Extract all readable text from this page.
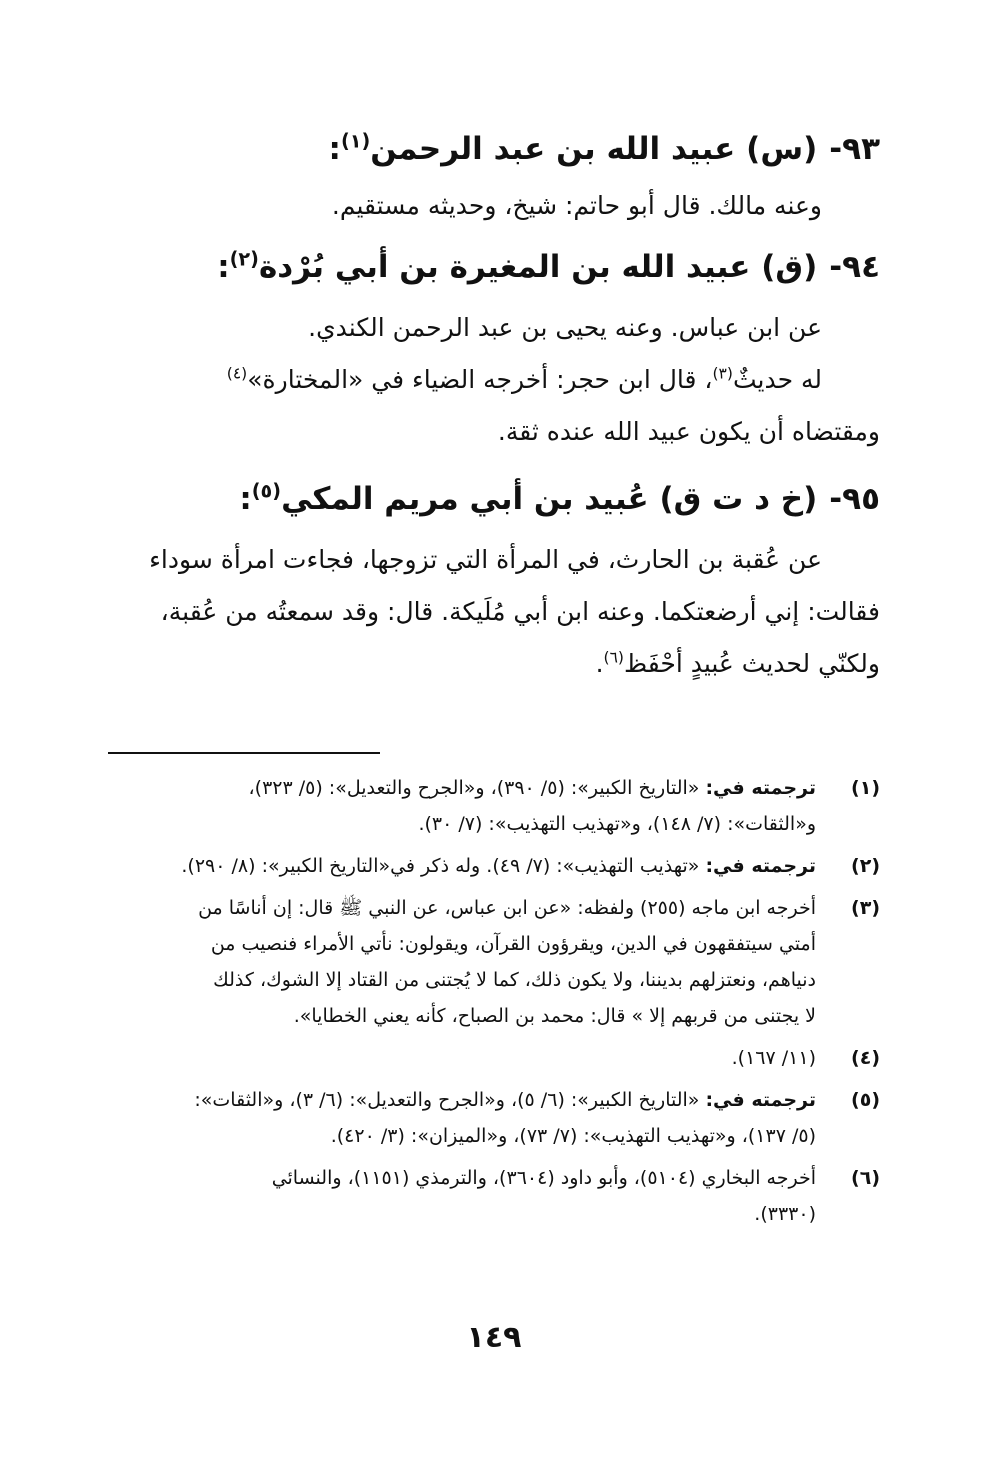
٩٣-(س) عبيد الله بن عبد الرحمن$^{(١)}$:

وعنه مالك. قال أبو حاتم: شيخ، وحديثه مستقيم.

٩٤-(ق) عبيد الله بن المغيرة بن أبي بُرْدة$^{(٢)}$:

عن ابن عباس. وعنه يحيى بن عبد الرحمن الكندي.

له حديثٌ$^{(٣)}$، قال ابن حجر: أخرجه الضياء في «المختارة»$^{(٤)}$

ومقتضاه أن يكون عبيد الله عنده ثقة.

٩٥-(خ د ت ق) عُبيد بن أبي مريم المكي$^{(٥)}$:

عن عُقبة بن الحارث، في المرأة التي تزوجها، فجاءت امرأة سوداء

فقالت: إني أرضعتكما. وعنه ابن أبي مُلَيكة. قال: وقد سمعتُه من عُقبة،

ولكنّي لحديث عُبيدٍ أحْفَظ$^{(٦)}$.

(١)

ترجمته في: «التاريخ الكبير»: (٥/ ٣٩٠)، و«الجرح والتعديل»: (٥/ ٣٢٣)،

و«الثقات»: (٧/ ١٤٨)، و«تهذيب التهذيب»: (٧/ ٣٠).

(٢)

ترجمته في: «تهذيب التهذيب»: (٧/ ٤٩). وله ذكر في«التاريخ الكبير»: (٨/ ٢٩٠).

(٣)

أخرجه ابن ماجه (٢٥٥) ولفظه: «عن ابن عباس، عن النبي ﷺ قال: إن أناسًا من

أمتي سيتفقهون في الدين، ويقرؤون القرآن، ويقولون: نأتي الأمراء فنصيب من

دنياهم، ونعتزلهم بديننا، ولا يكون ذلك، كما لا يُجتنى من القتاد إلا الشوك، كذلك

لا يجتنى من قربهم إلا » قال: محمد بن الصباح، كأنه يعني الخطايا».

(٤)

(١١/ ١٦٧).

(٥)

ترجمته في: «التاريخ الكبير»: (٦/ ٥)، و«الجرح والتعديل»: (٦/ ٣)، و«الثقات»:

(٥/ ١٣٧)، و«تهذيب التهذيب»: (٧/ ٧٣)، و«الميزان»: (٣/ ٤٢٠).

(٦)

أخرجه البخاري (٥١٠٤)، وأبو داود (٣٦٠٤)، والترمذي (١١٥١)، والنسائي

(٣٣٣٠).

١٤٩
